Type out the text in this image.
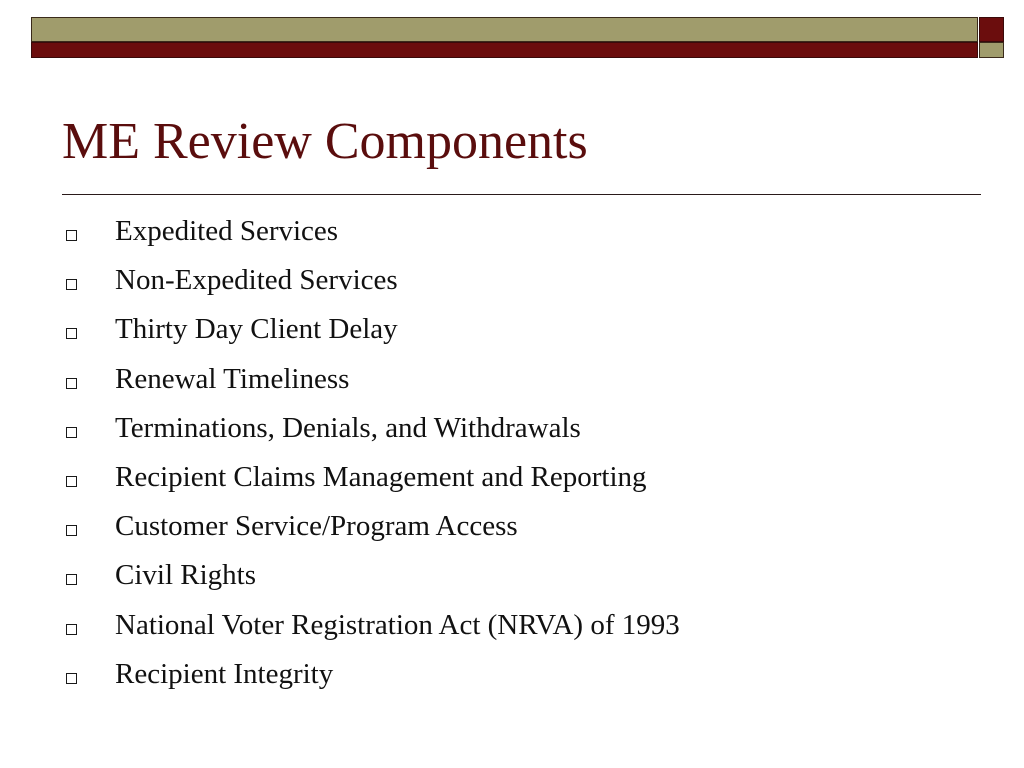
ME Review Components
Expedited Services
Non-Expedited Services
Thirty Day Client Delay
Renewal Timeliness
Terminations, Denials, and Withdrawals
Recipient Claims Management and Reporting
Customer Service/Program Access
Civil Rights
National Voter Registration Act (NRVA) of 1993
Recipient Integrity
